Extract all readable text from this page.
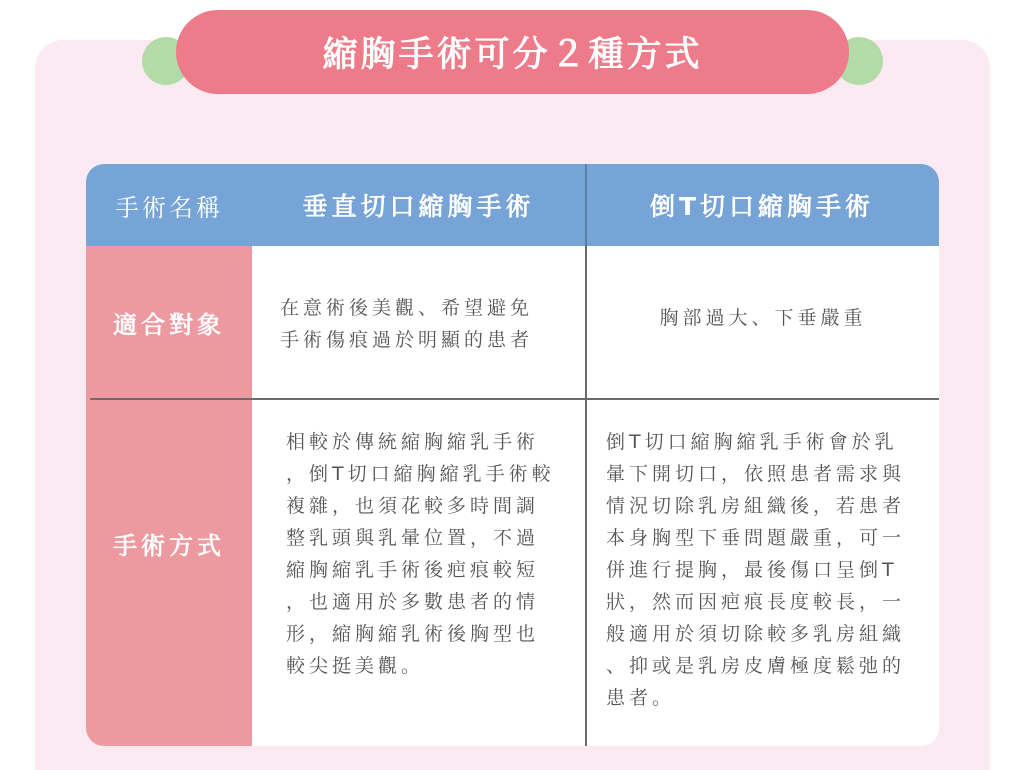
縮胸手術可分２種方式
手術名稱	垂直切口縮胸手術	倒T切口縮胸手術
適合對象
手術方式
在意術後美觀、希望避免
手術傷痕過於明顯的患者
胸部過大、下垂嚴重
相較於傳統縮胸縮乳手術
，倒T切口縮胸縮乳手術較
複雜，也須花較多時間調
整乳頭與乳暈位置，不過
縮胸縮乳手術後疤痕較短
，也適用於多數患者的情
形，縮胸縮乳術後胸型也
較尖挺美觀。
倒T切口縮胸縮乳手術會於乳
暈下開切口，依照患者需求與
情況切除乳房組織後，若患者
本身胸型下垂問題嚴重，可一
併進行提胸，最後傷口呈倒T
狀，然而因疤痕長度較長，一
般適用於須切除較多乳房組織
、抑或是乳房皮膚極度鬆弛的
患者。
